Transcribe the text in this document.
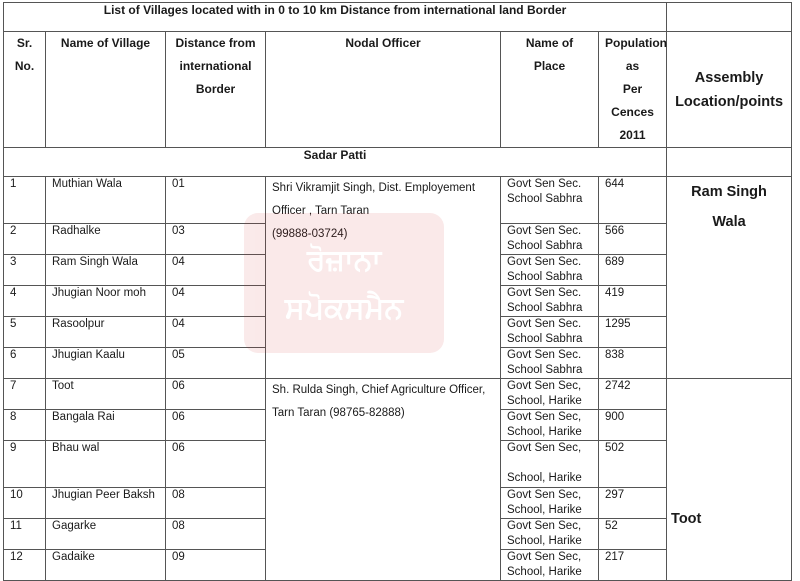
List of Villages located with in 0 to 10 km Distance from international land Border						

Sr.
No.	Name of Village	Distance from
international
Border	Nodal Officer	Name of
Place	Population as
Per Cences
2011	Assembly
Location/points

Sadar Patti						
1	Muthian Wala	01	Shri Vikramjit Singh, Dist. Employement
Officer , Tarn Taran
(99888-03724)	Govt Sen Sec.
School Sabhra	644	Ram Singh
Wala

2	Radhalke	03		Govt Sen Sec.
School Sabhra	566	
3	Ram Singh Wala	04		Govt Sen Sec.
School Sabhra	689	
4	Jhugian Noor moh	04		Govt Sen Sec.
School Sabhra	419	
5	Rasoolpur	04		Govt Sen Sec.
School Sabhra	1295	
6	Jhugian Kaalu	05		Govt Sen Sec.
School Sabhra	838	
7	Toot	06	Sh. Rulda Singh, Chief Agriculture Officer,
Tarn Taran (98765-82888)	Govt Sen Sec,
School, Harike	2742	Toot
8	Bangala Rai	06		Govt Sen Sec,
School, Harike	900	
9	Bhau wal	06		Govt Sen Sec,
School, Harike	502	
10	Jhugian Peer Baksh	08		Govt Sen Sec,
School, Harike	297	
11	Gagarke	08		Govt Sen Sec,
School, Harike	52	
12	Gadaike	09		Govt Sen Sec,
School, Harike	217	
ਰੋਜ਼ਾਨਾ
ਸਪੋਕਸਮੈਨ
